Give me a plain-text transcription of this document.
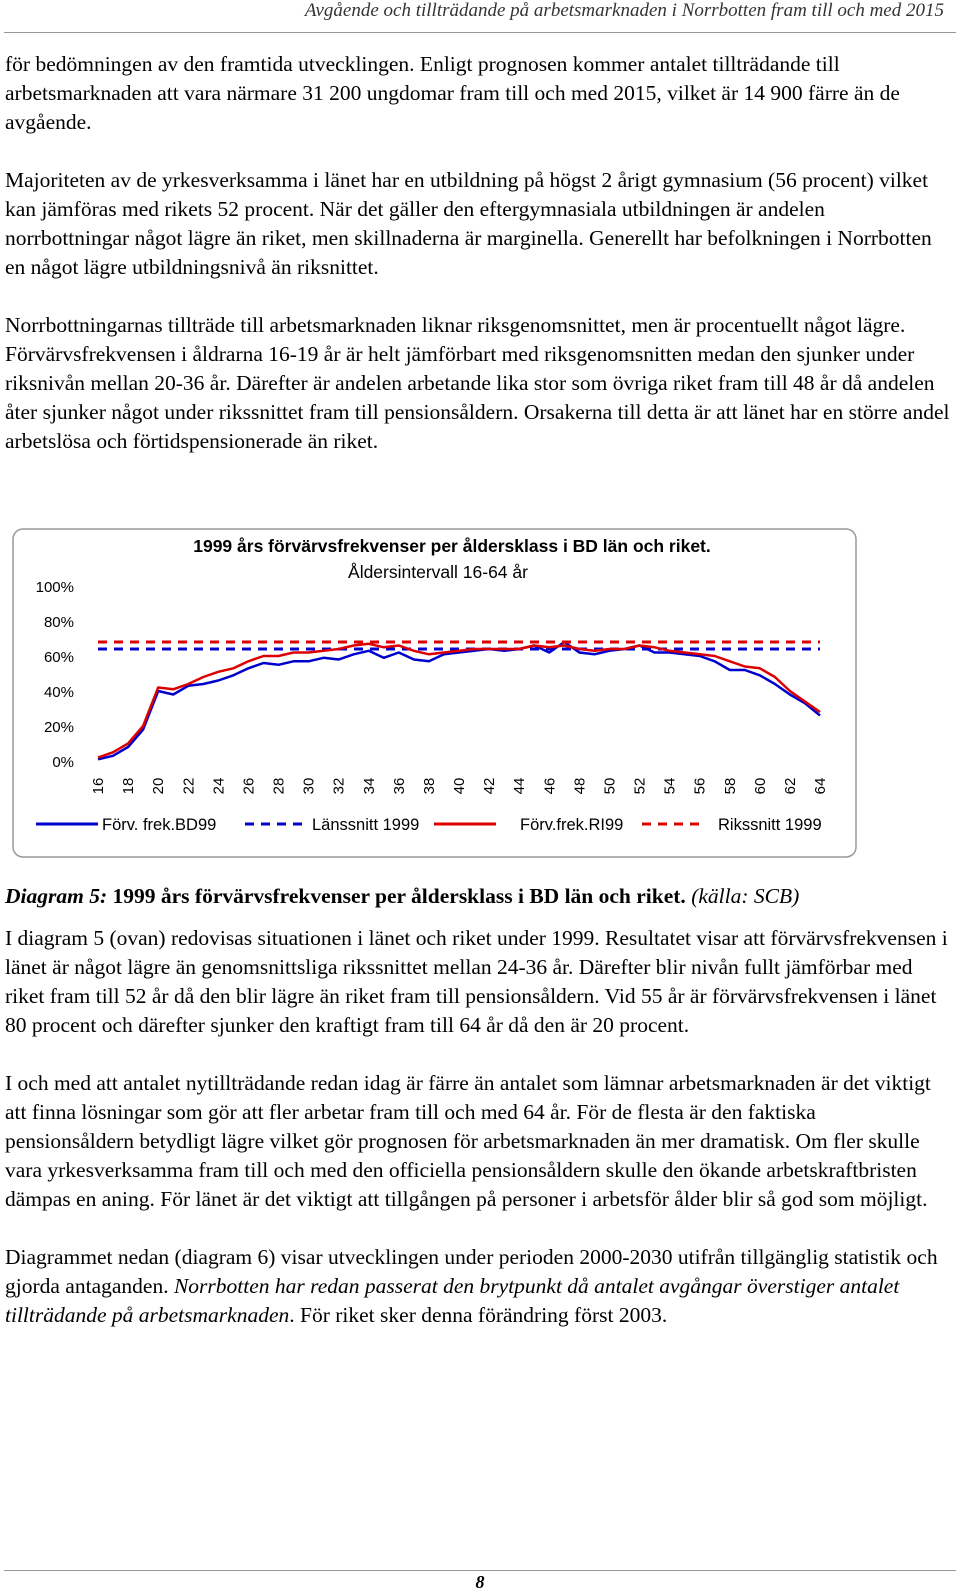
Avgående och tillträdande på arbetsmarknaden i Norrbotten fram till och med 2015

för bedömningen av den framtida utvecklingen. Enligt prognosen kommer antalet tillträdande till arbetsmarknaden att vara närmare 31 200 ungdomar fram till och med 2015, vilket är 14 900 färre än de avgående.

Majoriteten av de yrkesverksamma i länet har en utbildning på högst 2 årigt gymnasium (56 procent) vilket kan jämföras med rikets 52 procent. När det gäller den eftergymnasiala utbildningen är andelen norrbottningar något lägre än riket, men skillnaderna är marginella. Generellt har befolkningen i Norrbotten en något lägre utbildningsnivå än riksnittet.

Norrbottningarnas tillträde till arbetsmarknaden liknar riksgenomsnittet, men är procentuellt något lägre. Förvärvsfrekvensen i åldrarna 16-19 år är helt jämförbart med riksgenomsnitten medan den sjunker under riksnivån mellan 20-36 år. Därefter är andelen arbetande lika stor som övriga riket fram till 48 år då andelen åter sjunker något under rikssnittet fram till pensionsåldern. Orsakerna till detta är att länet har en större andel arbetslösa och förtidspensionerade än riket.

1999 års förvärvsfrekvenser per åldersklass i BD län och riket.
Åldersintervall 16-64 år
0%
20%
40%
60%
80%
100%
16 18 20 22 24 26 28 30 32 34 36 38 40 42 44 46 48 50 52 54 56 58 60 62 64
Förv. frek.BD99	Länssnitt 1999	Förv.frek.RI99	Rikssnitt 1999
Diagram 5: 1999 års förvärvsfrekvenser per åldersklass i BD län och riket. (källa: SCB)

I diagram 5 (ovan) redovisas situationen i länet och riket under 1999. Resultatet visar att förvärvsfrekvensen i länet är något lägre än genomsnittsliga rikssnittet mellan 24-36 år. Därefter blir nivån fullt jämförbar med riket fram till 52 år då den blir lägre än riket fram till pensionsåldern. Vid 55 år är förvärvsfrekvensen i länet 80 procent och därefter sjunker den kraftigt fram till 64 år då den är 20 procent.

I och med att antalet nytillträdande redan idag är färre än antalet som lämnar arbetsmarknaden är det viktigt att finna lösningar som gör att fler arbetar fram till och med 64 år. För de flesta är den faktiska pensionsåldern betydligt lägre vilket gör prognosen för arbetsmarknaden än mer dramatisk. Om fler skulle vara yrkesverksamma fram till och med den officiella pensionsåldern skulle den ökande arbetskraftbristen dämpas en aning. För länet är det viktigt att tillgången på personer i arbetsför ålder blir så god som möjligt.

Diagrammet nedan (diagram 6) visar utvecklingen under perioden 2000-2030 utifrån tillgänglig statistik och gjorda antaganden. Norrbotten har redan passerat den brytpunkt då antalet avgångar överstiger antalet tillträdande på arbetsmarknaden. För riket sker denna förändring först 2003.

8
